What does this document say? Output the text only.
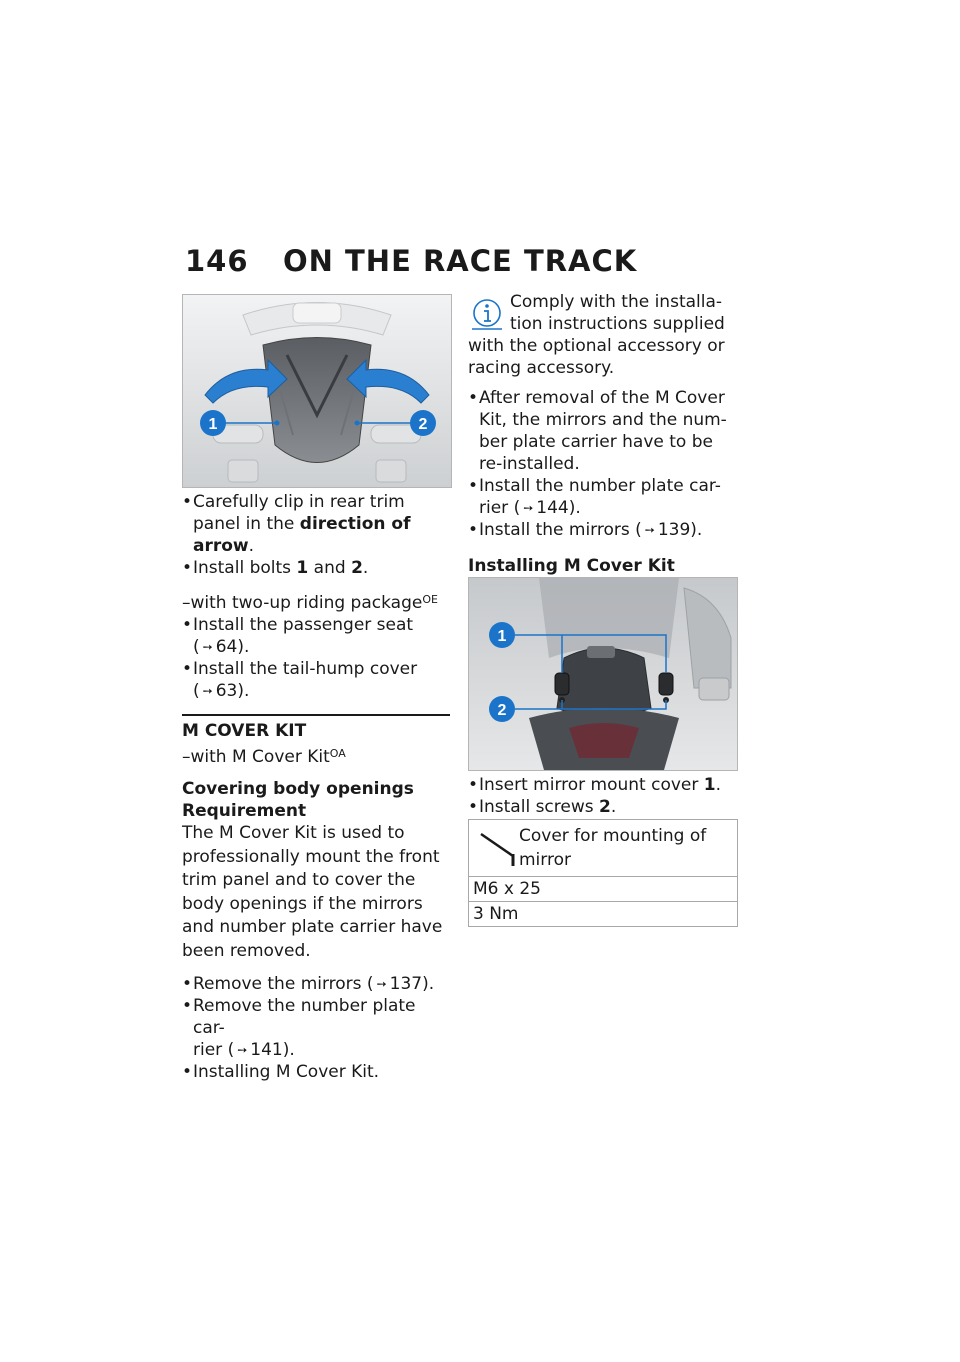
146 ON THE RACE TRACK
1	2
• Carefully clip in rear trim
panel in the direction of arrow.
• Install bolts 1 and 2.

–with two-up riding package$^{OE}$

• Install the passenger seat
( ➙ 64).
• Install the tail-hump cover
( ➙ 63).

M COVER KIT

–with M Cover Kit$^{OA}$

Covering body openings

Requirement

The M Cover Kit is used to professionally mount the front trim panel and to cover the body openings if the mirrors and number plate carrier have been removed.

• Remove the mirrors ( ➙ 137).
• Remove the number plate car-
rier ( ➙ 141).
• Installing M Cover Kit.

Comply with the installa-

tion instructions supplied

with the optional accessory or

racing accessory.

• After removal of the M Cover
Kit, the mirrors and the num-
ber plate carrier have to be
re-installed.
• Install the number plate car-
rier ( ➙ 144).
• Install the mirrors ( ➙ 139).

Installing M Cover Kit

1
2
• Insert mirror mount cover 1.
• Install screws 2.
Cover for mounting of
mirror
M6 x 25
3 Nm
